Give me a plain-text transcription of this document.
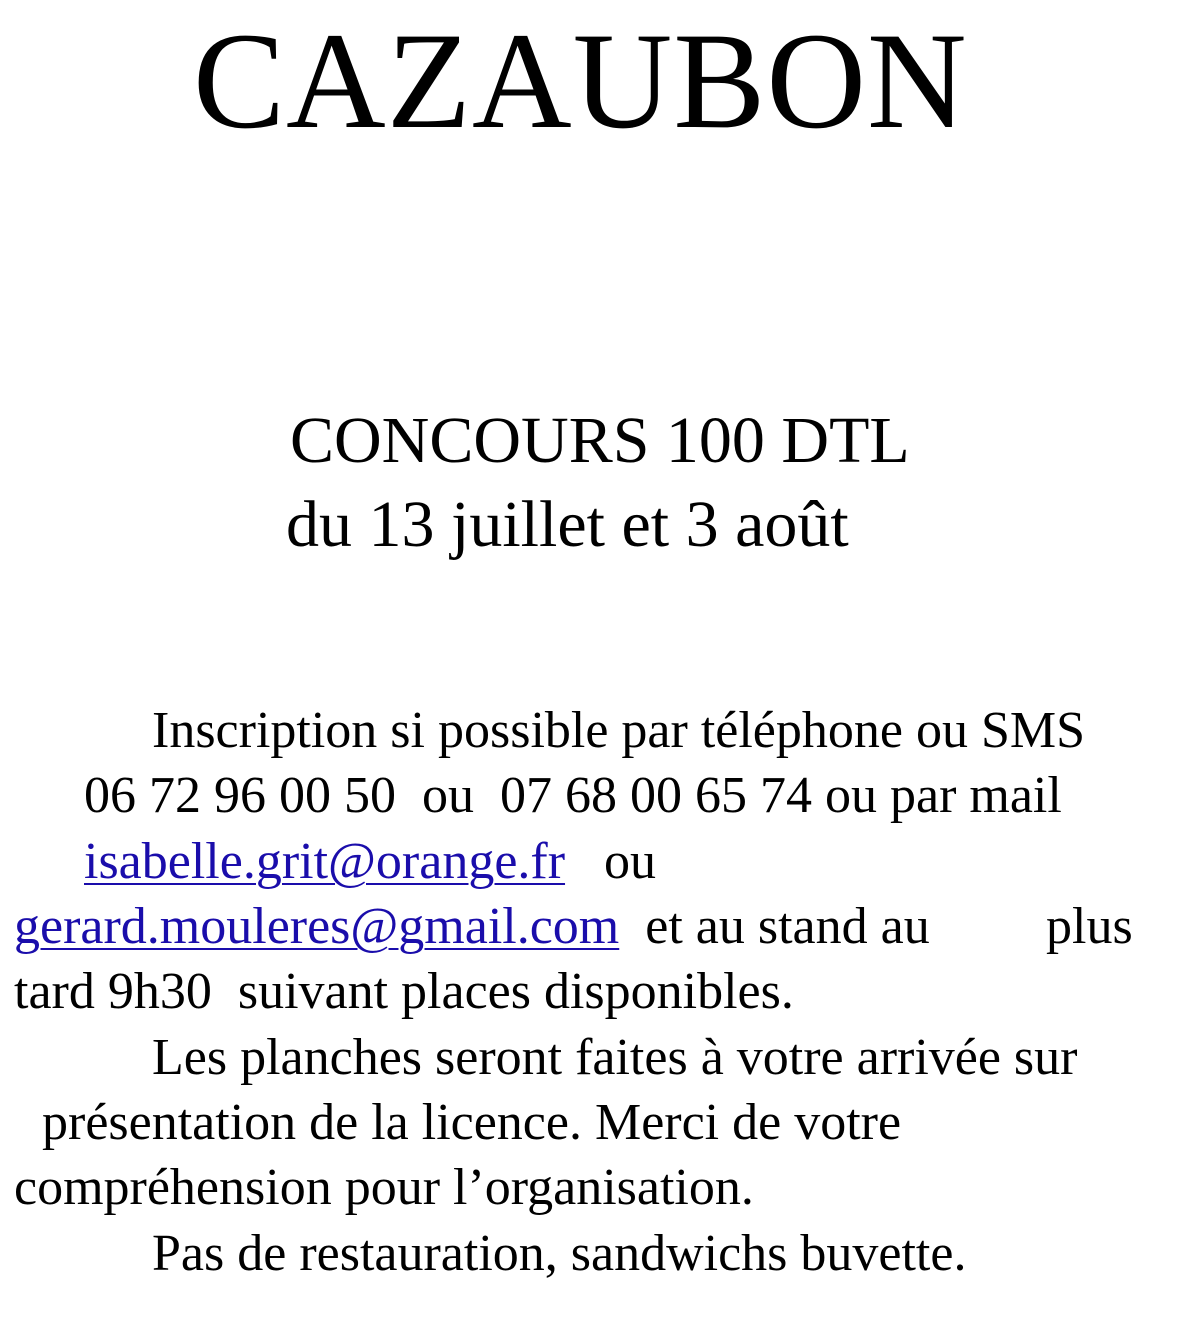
CAZAUBON
CONCOURS 100 DTL
du 13 juillet et 3 août
Inscription si possible par téléphone ou SMS
06 72 96 00 50 ou 07 68 00 65 74 ou par mail
isabelle.grit@orange.fr ou
gerard.mouleres@gmail.com et au stand au plus
tard 9h30  suivant places disponibles.
Les planches seront faites à votre arrivée sur
présentation de la licence. Merci de votre
compréhension pour l’organisation.
Pas de restauration, sandwichs buvette.
